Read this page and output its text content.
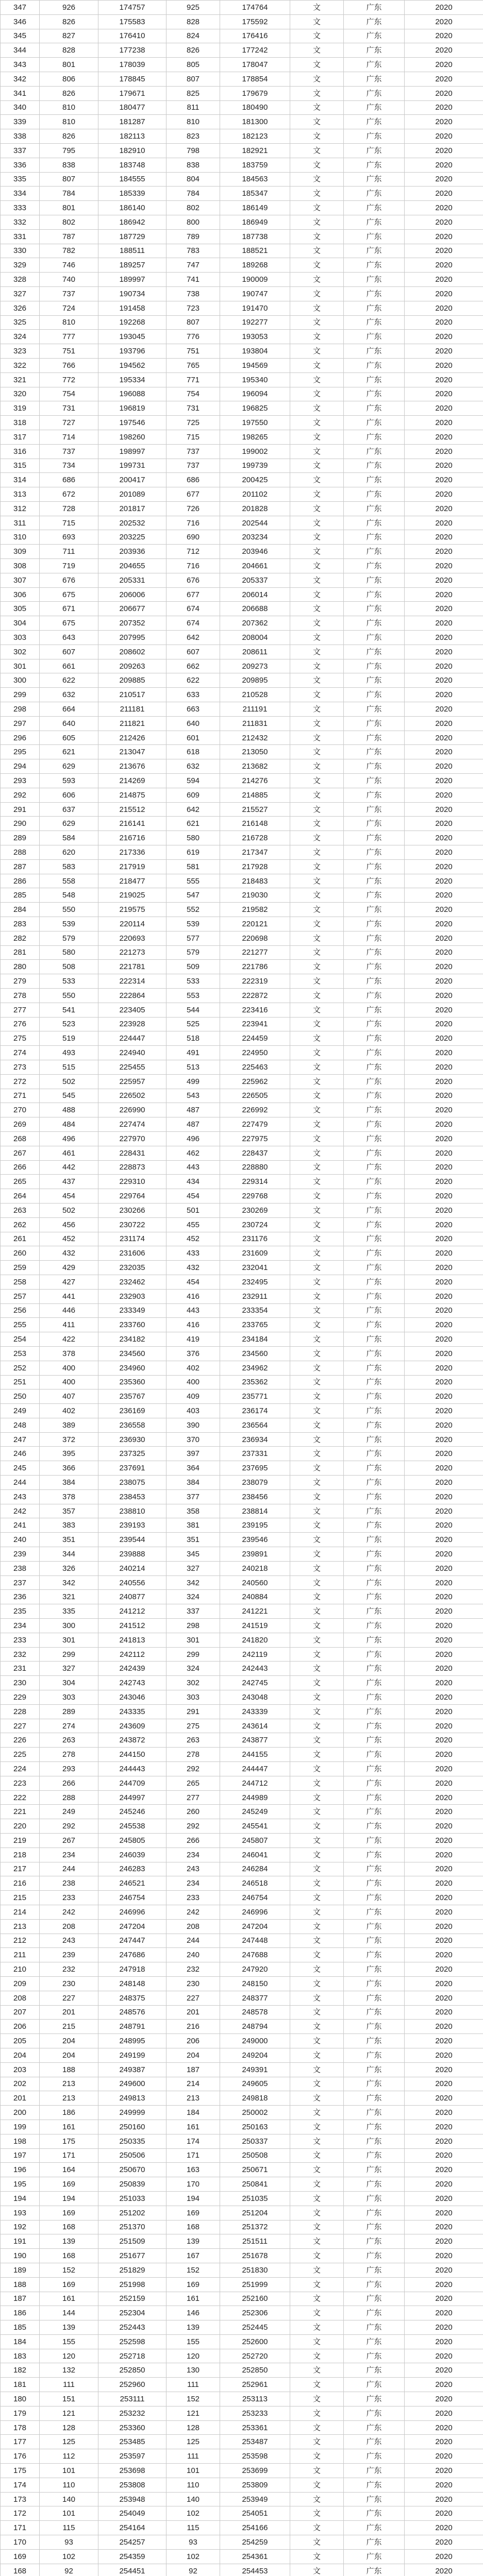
347	926	174757	925	174764	文	广东	2020
346	826	175583	828	175592	文	广东	2020
345	827	176410	824	176416	文	广东	2020
344	828	177238	826	177242	文	广东	2020
343	801	178039	805	178047	文	广东	2020
342	806	178845	807	178854	文	广东	2020
341	826	179671	825	179679	文	广东	2020
340	810	180477	811	180490	文	广东	2020
339	810	181287	810	181300	文	广东	2020
338	826	182113	823	182123	文	广东	2020
337	795	182910	798	182921	文	广东	2020
336	838	183748	838	183759	文	广东	2020
335	807	184555	804	184563	文	广东	2020
334	784	185339	784	185347	文	广东	2020
333	801	186140	802	186149	文	广东	2020
332	802	186942	800	186949	文	广东	2020
331	787	187729	789	187738	文	广东	2020
330	782	188511	783	188521	文	广东	2020
329	746	189257	747	189268	文	广东	2020
328	740	189997	741	190009	文	广东	2020
327	737	190734	738	190747	文	广东	2020
326	724	191458	723	191470	文	广东	2020
325	810	192268	807	192277	文	广东	2020
324	777	193045	776	193053	文	广东	2020
323	751	193796	751	193804	文	广东	2020
322	766	194562	765	194569	文	广东	2020
321	772	195334	771	195340	文	广东	2020
320	754	196088	754	196094	文	广东	2020
319	731	196819	731	196825	文	广东	2020
318	727	197546	725	197550	文	广东	2020
317	714	198260	715	198265	文	广东	2020
316	737	198997	737	199002	文	广东	2020
315	734	199731	737	199739	文	广东	2020
314	686	200417	686	200425	文	广东	2020
313	672	201089	677	201102	文	广东	2020
312	728	201817	726	201828	文	广东	2020
311	715	202532	716	202544	文	广东	2020
310	693	203225	690	203234	文	广东	2020
309	711	203936	712	203946	文	广东	2020
308	719	204655	716	204661	文	广东	2020
307	676	205331	676	205337	文	广东	2020
306	675	206006	677	206014	文	广东	2020
305	671	206677	674	206688	文	广东	2020
304	675	207352	674	207362	文	广东	2020
303	643	207995	642	208004	文	广东	2020
302	607	208602	607	208611	文	广东	2020
301	661	209263	662	209273	文	广东	2020
300	622	209885	622	209895	文	广东	2020
299	632	210517	633	210528	文	广东	2020
298	664	211181	663	211191	文	广东	2020
297	640	211821	640	211831	文	广东	2020
296	605	212426	601	212432	文	广东	2020
295	621	213047	618	213050	文	广东	2020
294	629	213676	632	213682	文	广东	2020
293	593	214269	594	214276	文	广东	2020
292	606	214875	609	214885	文	广东	2020
291	637	215512	642	215527	文	广东	2020
290	629	216141	621	216148	文	广东	2020
289	584	216716	580	216728	文	广东	2020
288	620	217336	619	217347	文	广东	2020
287	583	217919	581	217928	文	广东	2020
286	558	218477	555	218483	文	广东	2020
285	548	219025	547	219030	文	广东	2020
284	550	219575	552	219582	文	广东	2020
283	539	220114	539	220121	文	广东	2020
282	579	220693	577	220698	文	广东	2020
281	580	221273	579	221277	文	广东	2020
280	508	221781	509	221786	文	广东	2020
279	533	222314	533	222319	文	广东	2020
278	550	222864	553	222872	文	广东	2020
277	541	223405	544	223416	文	广东	2020
276	523	223928	525	223941	文	广东	2020
275	519	224447	518	224459	文	广东	2020
274	493	224940	491	224950	文	广东	2020
273	515	225455	513	225463	文	广东	2020
272	502	225957	499	225962	文	广东	2020
271	545	226502	543	226505	文	广东	2020
270	488	226990	487	226992	文	广东	2020
269	484	227474	487	227479	文	广东	2020
268	496	227970	496	227975	文	广东	2020
267	461	228431	462	228437	文	广东	2020
266	442	228873	443	228880	文	广东	2020
265	437	229310	434	229314	文	广东	2020
264	454	229764	454	229768	文	广东	2020
263	502	230266	501	230269	文	广东	2020
262	456	230722	455	230724	文	广东	2020
261	452	231174	452	231176	文	广东	2020
260	432	231606	433	231609	文	广东	2020
259	429	232035	432	232041	文	广东	2020
258	427	232462	454	232495	文	广东	2020
257	441	232903	416	232911	文	广东	2020
256	446	233349	443	233354	文	广东	2020
255	411	233760	416	233765	文	广东	2020
254	422	234182	419	234184	文	广东	2020
253	378	234560	376	234560	文	广东	2020
252	400	234960	402	234962	文	广东	2020
251	400	235360	400	235362	文	广东	2020
250	407	235767	409	235771	文	广东	2020
249	402	236169	403	236174	文	广东	2020
248	389	236558	390	236564	文	广东	2020
247	372	236930	370	236934	文	广东	2020
246	395	237325	397	237331	文	广东	2020
245	366	237691	364	237695	文	广东	2020
244	384	238075	384	238079	文	广东	2020
243	378	238453	377	238456	文	广东	2020
242	357	238810	358	238814	文	广东	2020
241	383	239193	381	239195	文	广东	2020
240	351	239544	351	239546	文	广东	2020
239	344	239888	345	239891	文	广东	2020
238	326	240214	327	240218	文	广东	2020
237	342	240556	342	240560	文	广东	2020
236	321	240877	324	240884	文	广东	2020
235	335	241212	337	241221	文	广东	2020
234	300	241512	298	241519	文	广东	2020
233	301	241813	301	241820	文	广东	2020
232	299	242112	299	242119	文	广东	2020
231	327	242439	324	242443	文	广东	2020
230	304	242743	302	242745	文	广东	2020
229	303	243046	303	243048	文	广东	2020
228	289	243335	291	243339	文	广东	2020
227	274	243609	275	243614	文	广东	2020
226	263	243872	263	243877	文	广东	2020
225	278	244150	278	244155	文	广东	2020
224	293	244443	292	244447	文	广东	2020
223	266	244709	265	244712	文	广东	2020
222	288	244997	277	244989	文	广东	2020
221	249	245246	260	245249	文	广东	2020
220	292	245538	292	245541	文	广东	2020
219	267	245805	266	245807	文	广东	2020
218	234	246039	234	246041	文	广东	2020
217	244	246283	243	246284	文	广东	2020
216	238	246521	234	246518	文	广东	2020
215	233	246754	233	246754	文	广东	2020
214	242	246996	242	246996	文	广东	2020
213	208	247204	208	247204	文	广东	2020
212	243	247447	244	247448	文	广东	2020
211	239	247686	240	247688	文	广东	2020
210	232	247918	232	247920	文	广东	2020
209	230	248148	230	248150	文	广东	2020
208	227	248375	227	248377	文	广东	2020
207	201	248576	201	248578	文	广东	2020
206	215	248791	216	248794	文	广东	2020
205	204	248995	206	249000	文	广东	2020
204	204	249199	204	249204	文	广东	2020
203	188	249387	187	249391	文	广东	2020
202	213	249600	214	249605	文	广东	2020
201	213	249813	213	249818	文	广东	2020
200	186	249999	184	250002	文	广东	2020
199	161	250160	161	250163	文	广东	2020
198	175	250335	174	250337	文	广东	2020
197	171	250506	171	250508	文	广东	2020
196	164	250670	163	250671	文	广东	2020
195	169	250839	170	250841	文	广东	2020
194	194	251033	194	251035	文	广东	2020
193	169	251202	169	251204	文	广东	2020
192	168	251370	168	251372	文	广东	2020
191	139	251509	139	251511	文	广东	2020
190	168	251677	167	251678	文	广东	2020
189	152	251829	152	251830	文	广东	2020
188	169	251998	169	251999	文	广东	2020
187	161	252159	161	252160	文	广东	2020
186	144	252304	146	252306	文	广东	2020
185	139	252443	139	252445	文	广东	2020
184	155	252598	155	252600	文	广东	2020
183	120	252718	120	252720	文	广东	2020
182	132	252850	130	252850	文	广东	2020
181	111	252960	111	252961	文	广东	2020
180	151	253111	152	253113	文	广东	2020
179	121	253232	121	253233	文	广东	2020
178	128	253360	128	253361	文	广东	2020
177	125	253485	125	253487	文	广东	2020
176	112	253597	111	253598	文	广东	2020
175	101	253698	101	253699	文	广东	2020
174	110	253808	110	253809	文	广东	2020
173	140	253948	140	253949	文	广东	2020
172	101	254049	102	254051	文	广东	2020
171	115	254164	115	254166	文	广东	2020
170	93	254257	93	254259	文	广东	2020
169	102	254359	102	254361	文	广东	2020
168	92	254451	92	254453	文	广东	2020
